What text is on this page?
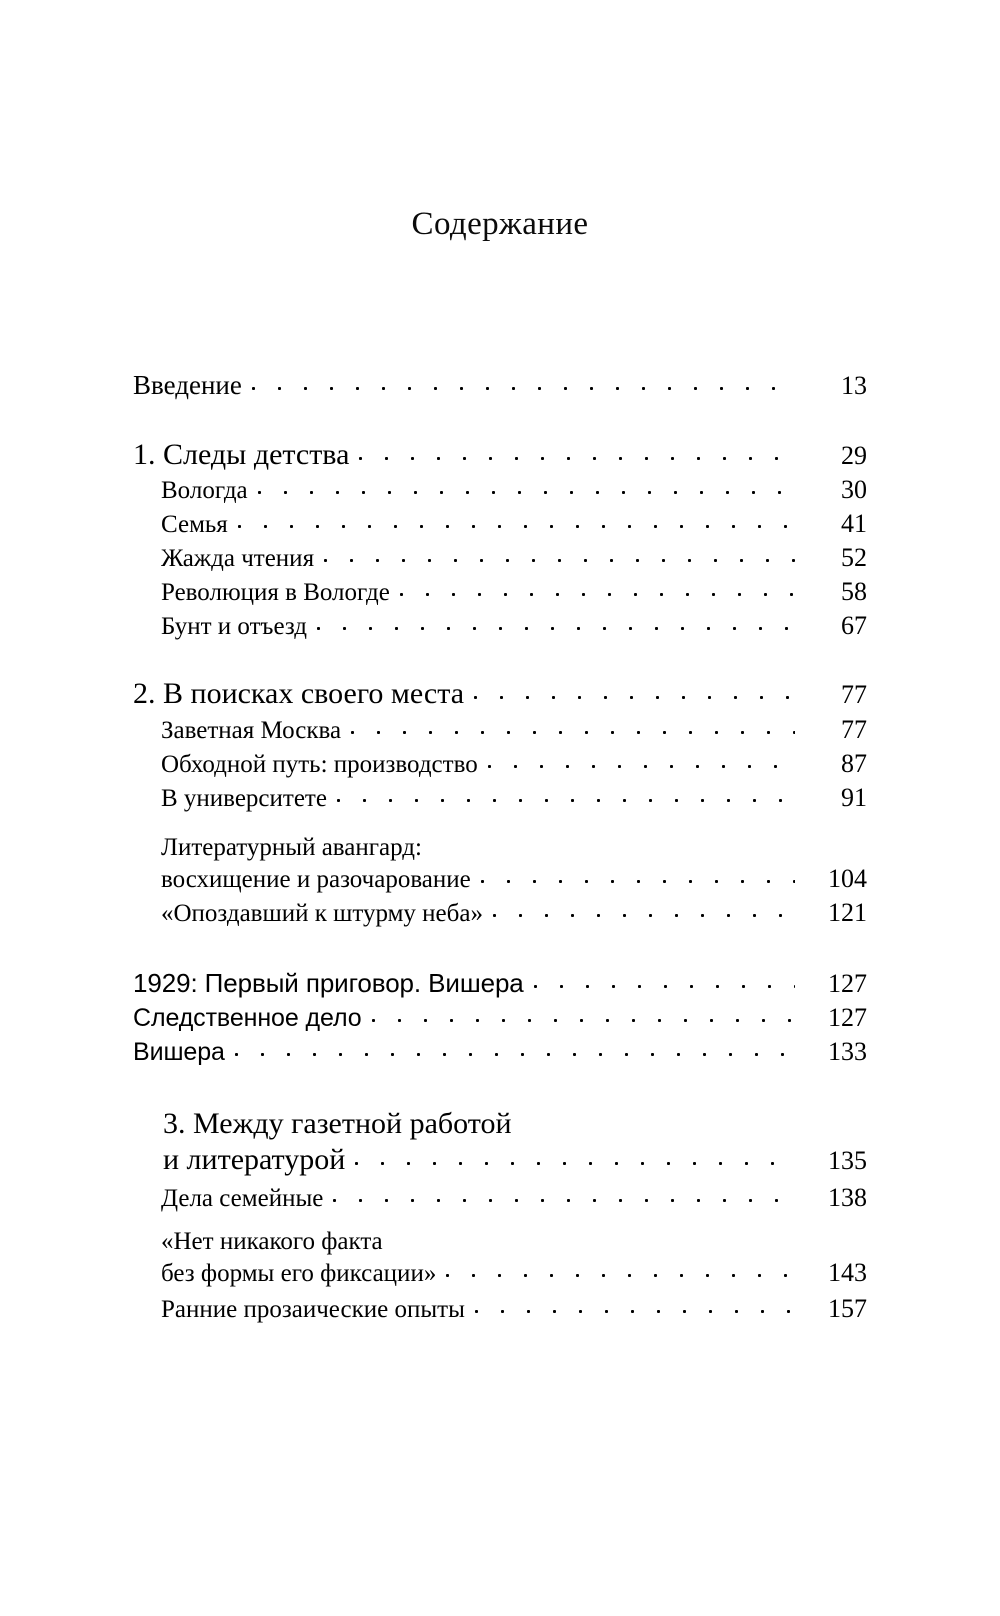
Содержание
Введение	13
1. Следы детства	29
Вологда	30
Семья	41
Жажда чтения	52
Революция в Вологде	58
Бунт и отъезд	67
2. В поисках своего места	77
Заветная Москва	77
Обходной путь: производство	87
В университете	91
Литературный авангард:
восхищение и разочарование	104
«Опоздавший к штурму неба»	121
1929: Первый приговор. Вишера	127
Следственное дело	127
Вишера	133
3. Между газетной работой
и литературой	135
Дела семейные	138
«Нет никакого факта
без формы его фиксации»	143
Ранние прозаические опыты	157
